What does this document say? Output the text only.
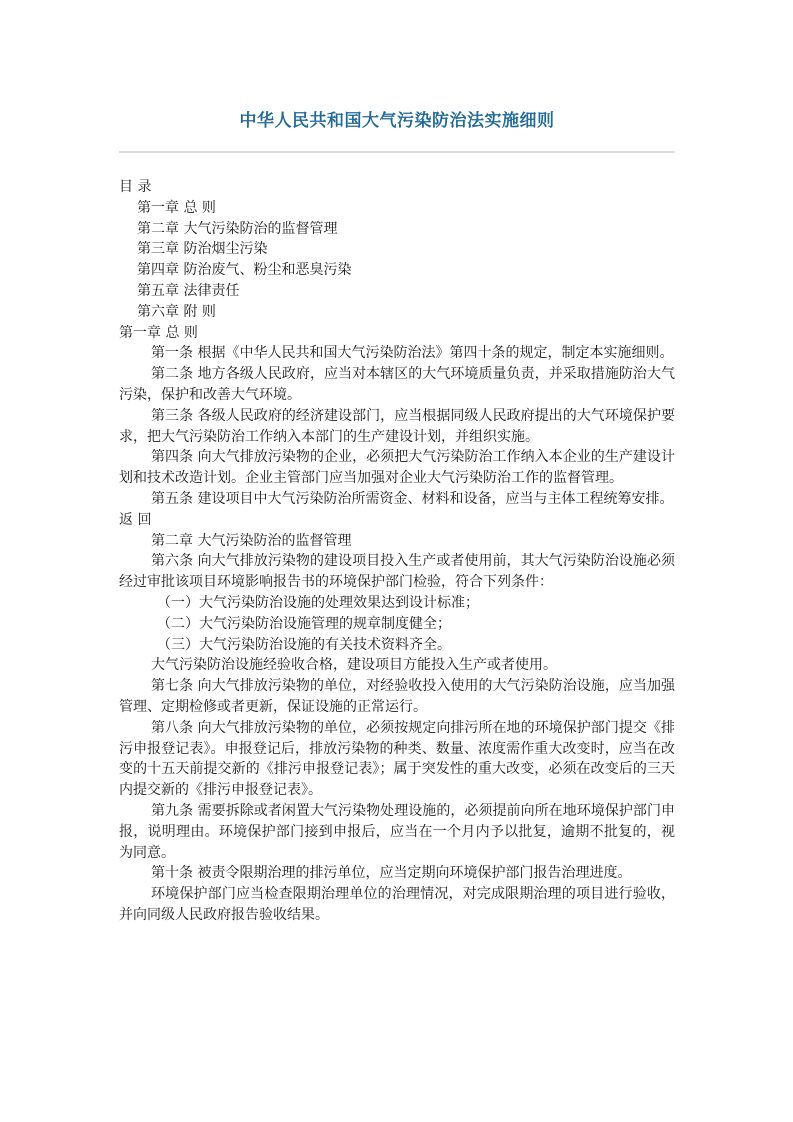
中华人民共和国大气污染防治法实施细则

目 录

第一章 总 则

第二章 大气污染防治的监督管理

第三章 防治烟尘污染

第四章 防治废气、粉尘和恶臭污染

第五章 法律责任

第六章 附 则

第一章 总 则

第一条 根据《中华人民共和国大气污染防治法》第四十条的规定，制定本实施细则。

第二条 地方各级人民政府，应当对本辖区的大气环境质量负责，并采取措施防治大气污染，保护和改善大气环境。

第三条 各级人民政府的经济建设部门，应当根据同级人民政府提出的大气环境保护要求，把大气污染防治工作纳入本部门的生产建设计划，并组织实施。

第四条 向大气排放污染物的企业，必须把大气污染防治工作纳入本企业的生产建设计划和技术改造计划。企业主管部门应当加强对企业大气污染防治工作的监督管理。

第五条 建设项目中大气污染防治所需资金、材料和设备，应当与主体工程统筹安排。

返 回

第二章 大气污染防治的监督管理

第六条 向大气排放污染物的建设项目投入生产或者使用前，其大气污染防治设施必须经过审批该项目环境影响报告书的环境保护部门检验，符合下列条件：

（一）大气污染防治设施的处理效果达到设计标准；

（二）大气污染防治设施管理的规章制度健全；

（三）大气污染防治设施的有关技术资料齐全。

大气污染防治设施经验收合格，建设项目方能投入生产或者使用。

第七条 向大气排放污染物的单位，对经验收投入使用的大气污染防治设施，应当加强管理、定期检修或者更新，保证设施的正常运行。

第八条 向大气排放污染物的单位，必须按规定向排污所在地的环境保护部门提交《排污申报登记表》。申报登记后，排放污染物的种类、数量、浓度需作重大改变时，应当在改变的十五天前提交新的《排污申报登记表》；属于突发性的重大改变，必须在改变后的三天内提交新的《排污申报登记表》。

第九条 需要拆除或者闲置大气污染物处理设施的，必须提前向所在地环境保护部门申报，说明理由。环境保护部门接到申报后，应当在一个月内予以批复，逾期不批复的，视为同意。

第十条 被责令限期治理的排污单位，应当定期向环境保护部门报告治理进度。

环境保护部门应当检查限期治理单位的治理情况，对完成限期治理的项目进行验收，并向同级人民政府报告验收结果。
